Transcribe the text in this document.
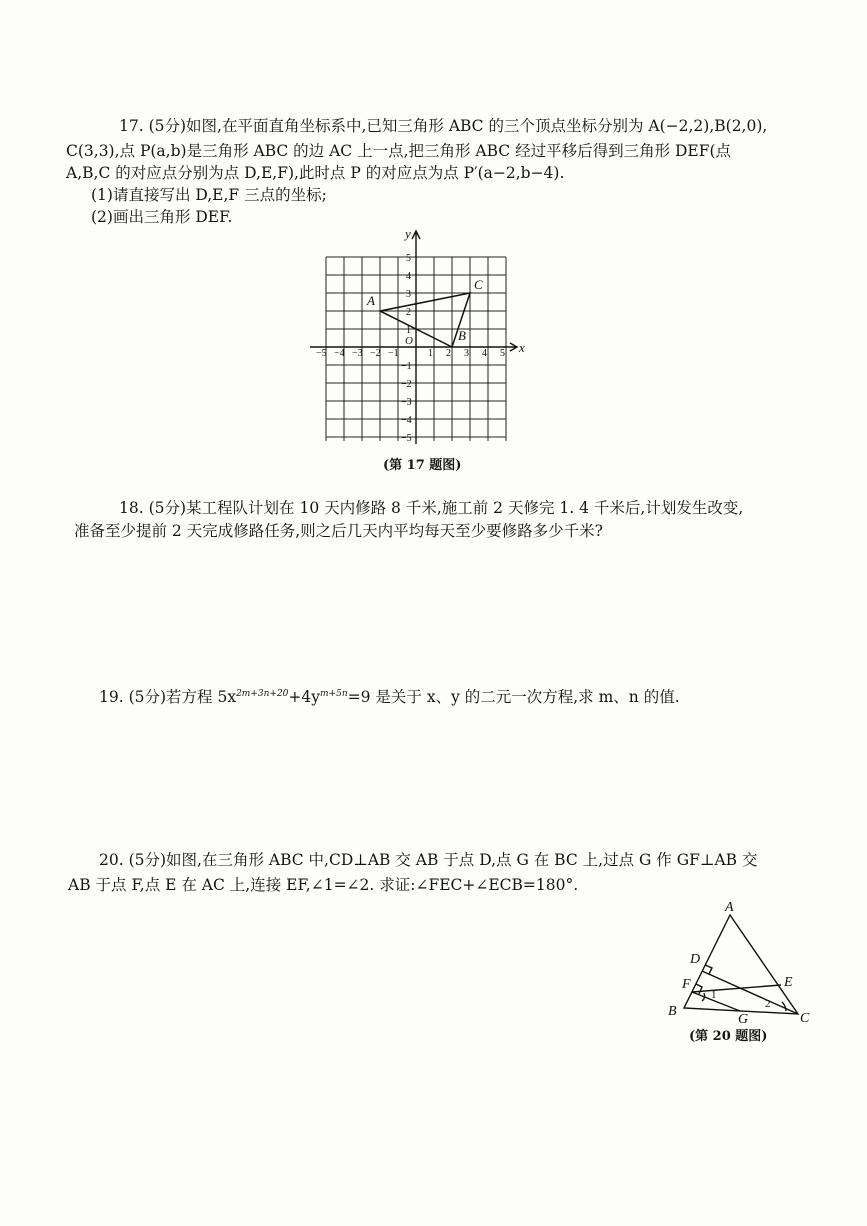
17. (5分)如图,在平面直角坐标系中,已知三角形 ABC 的三个顶点坐标分别为 A(−2,2),B(2,0),
C(3,3),点 P(a,b)是三角形 ABC 的边 AC 上一点,把三角形 ABC 经过平移后得到三角形 DEF(点
A,B,C 的对应点分别为点 D,E,F),此时点 P 的对应点为点 P′(a−2,b−4).
(1)请直接写出 D,E,F 三点的坐标;
(2)画出三角形 DEF.
−5 −4 −3 −2 −1	1 2 3 4 5
5
4
3
2
1
−1
−2
−3
−4
−5
O	x
y
A
B
C
(第 17 题图)
18. (5分)某工程队计划在 10 天内修路 8 千米,施工前 2 天修完 1. 4 千米后,计划发生改变,
准备至少提前 2 天完成修路任务,则之后几天内平均每天至少要修路多少千米?
19. (5分)若方程 $5x^{2m+3n+20}+4y^{m+5n}=9$ 是关于 x、y 的二元一次方程,求 m、n 的值.
20. (5分)如图,在三角形 ABC 中,CD⊥AB 交 AB 于点 D,点 G 在 BC 上,过点 G 作 GF⊥AB 交
AB 于点 F,点 E 在 AC 上,连接 EF,∠1=∠2. 求证:∠FEC+∠ECB=180°.
A
D
F	E
B
G	C
1
2
(第 20 题图)
